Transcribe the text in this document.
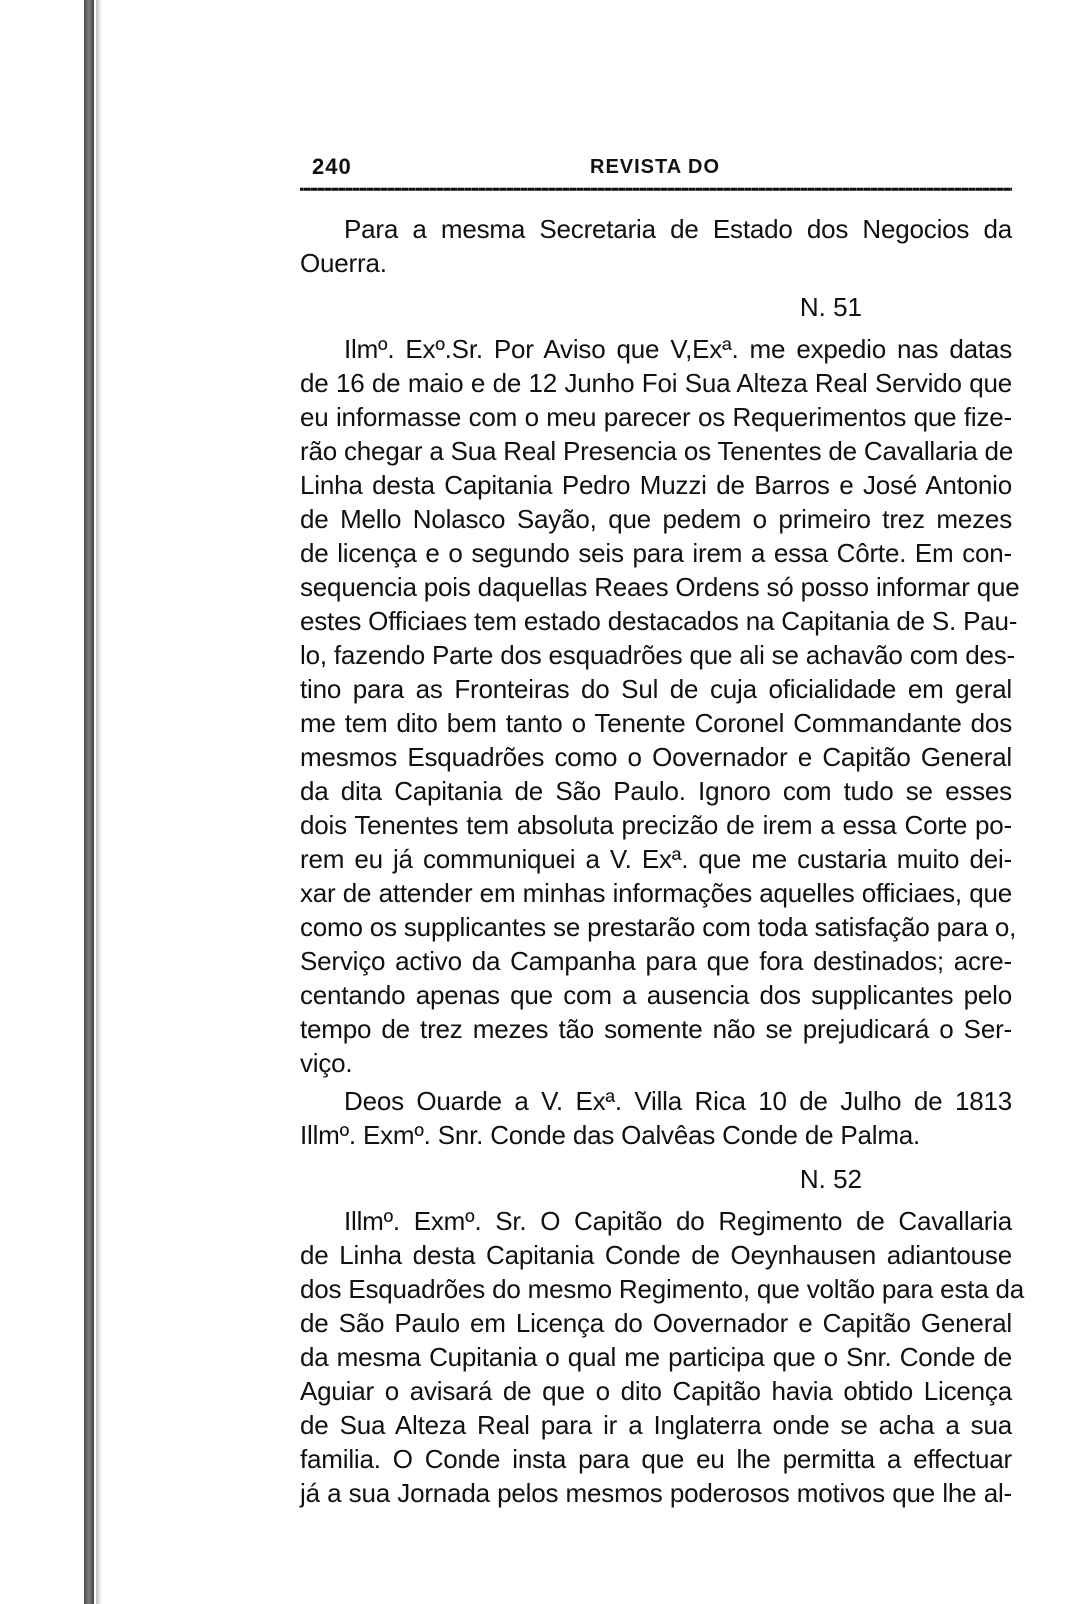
240	REVISTA DO
Para a mesma Secretaria de Estado dos Negocios da
Ouerra.
N. 51
Ilmº. Exº.Sr. Por Aviso que V,Exª. me expedio nas datas
de 16 de maio e de 12 Junho Foi Sua Alteza Real Servido que
eu informasse com o meu parecer os Requerimentos que fize-
rão chegar a Sua Real Presencia os Tenentes de Cavallaria de
Linha desta Capitania Pedro Muzzi de Barros e José Antonio
de Mello Nolasco Sayão, que pedem o primeiro trez mezes
de licença e o segundo seis para irem a essa Côrte. Em con-
sequencia pois daquellas Reaes Ordens só posso informar que
estes Officiaes tem estado destacados na Capitania de S. Pau-
lo, fazendo Parte dos esquadrões que ali se achavão com des-
tino para as Fronteiras do Sul de cuja oficialidade em geral
me tem dito bem tanto o Tenente Coronel Commandante dos
mesmos Esquadrões como o Oovernador e Capitão General
da dita Capitania de São Paulo. Ignoro com tudo se esses
dois Tenentes tem absoluta precizão de irem a essa Corte po-
rem eu já communiquei a V. Exª. que me custaria muito dei-
xar de attender em minhas informações aquelles officiaes, que
como os supplicantes se prestarão com toda satisfação para o,
Serviço activo da Campanha para que fora destinados; acre-
centando apenas que com a ausencia dos supplicantes pelo
tempo de trez mezes tão somente não se prejudicará o Ser-
viço.
Deos Ouarde a V. Exª. Villa Rica 10 de Julho de 1813
Illmº. Exmº. Snr. Conde das Oalvêas Conde de Palma.
N. 52
Illmº. Exmº. Sr. O Capitão do Regimento de Cavallaria
de Linha desta Capitania Conde de Oeynhausen adiantouse
dos Esquadrões do mesmo Regimento, que voltão para esta da
de São Paulo em Licença do Oovernador e Capitão General
da mesma Cupitania o qual me participa que o Snr. Conde de
Aguiar o avisará de que o dito Capitão havia obtido Licença
de Sua Alteza Real para ir a Inglaterra onde se acha a sua
familia. O Conde insta para que eu lhe permitta a effectuar
já a sua Jornada pelos mesmos poderosos motivos que lhe al-
